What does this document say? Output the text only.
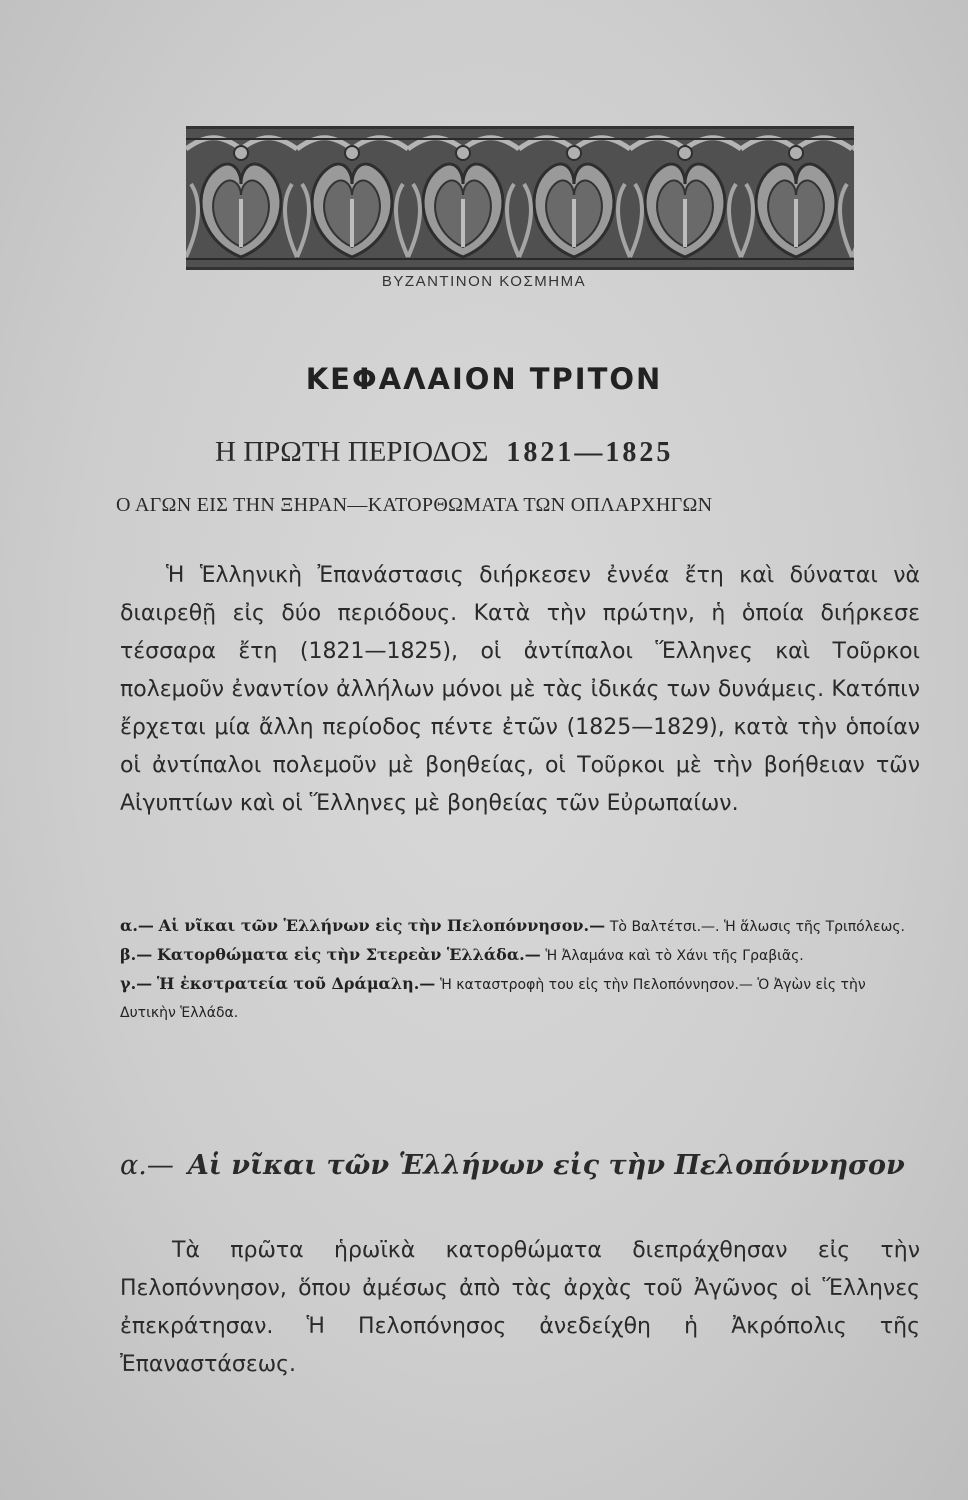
ΒΥΖΑΝΤΙΝΟΝ ΚΟΣΜΗΜΑ
ΚΕΦΑΛΑΙΟΝ ΤΡΙΤΟΝ
Η ΠΡΩΤΗ ΠΕΡΙΟΔΟΣ 1821—1825
Ο ΑΓΩΝ ΕΙΣ ΤΗΝ ΞΗΡΑΝ—ΚΑΤΟΡΘΩΜΑΤΑ ΤΩΝ ΟΠΛΑΡΧΗΓΩΝ
Ἡ Ἑλληνικὴ Ἐπανάστασις διήρκεσεν ἐννέα ἔτη καὶ δύναται νὰ διαιρεθῇ εἰς δύο περιόδους. Κατὰ τὴν πρώτην, ἡ ὁποία διήρκεσε τέσσαρα ἔτη (1821—1825), οἱ ἀντίπαλοι Ἕλληνες καὶ Τοῦρκοι πολεμοῦν ἐναντίον ἀλλήλων μόνοι μὲ τὰς ἰδικάς των δυνάμεις. Κατόπιν ἔρχεται μία ἄλλη περίοδος πέντε ἐτῶν (1825—1829), κατὰ τὴν ὁποίαν οἱ ἀντίπαλοι πολεμοῦν μὲ βοηθείας, οἱ Τοῦρκοι μὲ τὴν βοήθειαν τῶν Αἰγυπτίων καὶ οἱ Ἕλληνες μὲ βοηθείας τῶν Εὐρωπαίων.
α.— Αἱ νῖκαι τῶν Ἑλλήνων εἰς τὴν Πελοπόννησον.— Τὸ Βαλτέτσι.—. Ἡ ἅλωσις τῆς Τριπόλεως.
β.— Κατορθώματα εἰς τὴν Στερεὰν Ἑλλάδα.— Ἡ Ἀλαμάνα καὶ τὸ Χάνι τῆς Γραβιᾶς.
γ.— Ἡ ἐκστρατεία τοῦ Δράμαλη.— Ἡ καταστροφὴ του εἰς τὴν Πελοπόννησον.— Ὁ Ἀγὼν εἰς τὴν Δυτικὴν Ἑλλάδα.
α.— Αἱ νῖκαι τῶν Ἑλλήνων εἰς τὴν Πελοπόννησον
Τὰ πρῶτα ἡρωϊκὰ κατορθώματα διεπράχθησαν εἰς τὴν Πελοπόννησον, ὅπου ἀμέσως ἀπὸ τὰς ἀρχὰς τοῦ Ἀγῶνος οἱ Ἕλληνες ἐπεκράτησαν. Ἡ Πελοπόνησος ἀνεδείχθη ἡ Ἀκρόπολις τῆς Ἐπαναστάσεως.
